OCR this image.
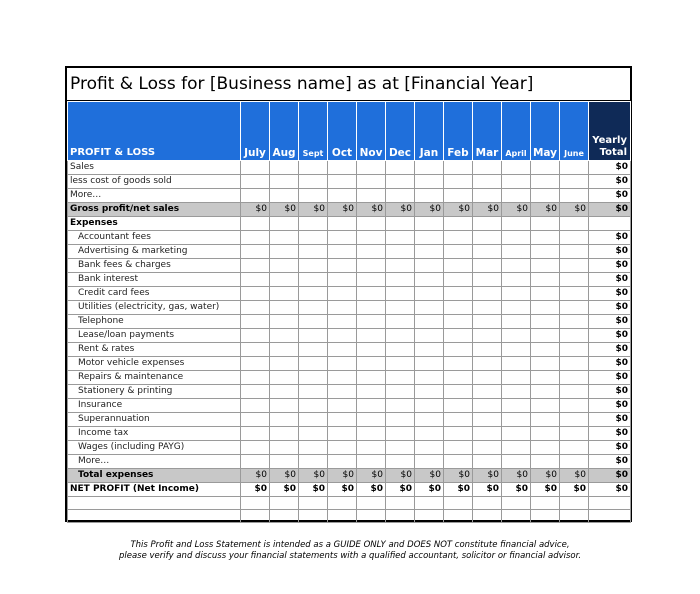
Profit & Loss for [Business name] as at [Financial Year]
PROFIT & LOSS	July	Aug	Sept	Oct	Nov	Dec	Jan	Feb	Mar	April	May	June	Yearly
Total

Sales													$0
less cost of goods sold													$0
More…													$0
Gross profit/net sales	$0	$0	$0	$0	$0	$0	$0	$0	$0	$0	$0	$0	$0
Expenses													
Accountant fees													$0
Advertising & marketing													$0
Bank fees & charges													$0
Bank interest													$0
Credit card fees													$0
Utilities (electricity, gas, water)													$0
Telephone													$0
Lease/loan payments													$0
Rent & rates													$0
Motor vehicle expenses													$0
Repairs & maintenance													$0
Stationery & printing													$0
Insurance													$0
Superannuation													$0
Income tax													$0
Wages (including PAYG)													$0
More…													$0
Total expenses	$0	$0	$0	$0	$0	$0	$0	$0	$0	$0	$0	$0	$0
NET PROFIT (Net Income)	$0	$0	$0	$0	$0	$0	$0	$0	$0	$0	$0	$0	$0

This Profit and Loss Statement is intended as a GUIDE ONLY and DOES NOT constitute financial advice,
please verify and discuss your financial statements with a qualified accountant, solicitor or financial advisor.
